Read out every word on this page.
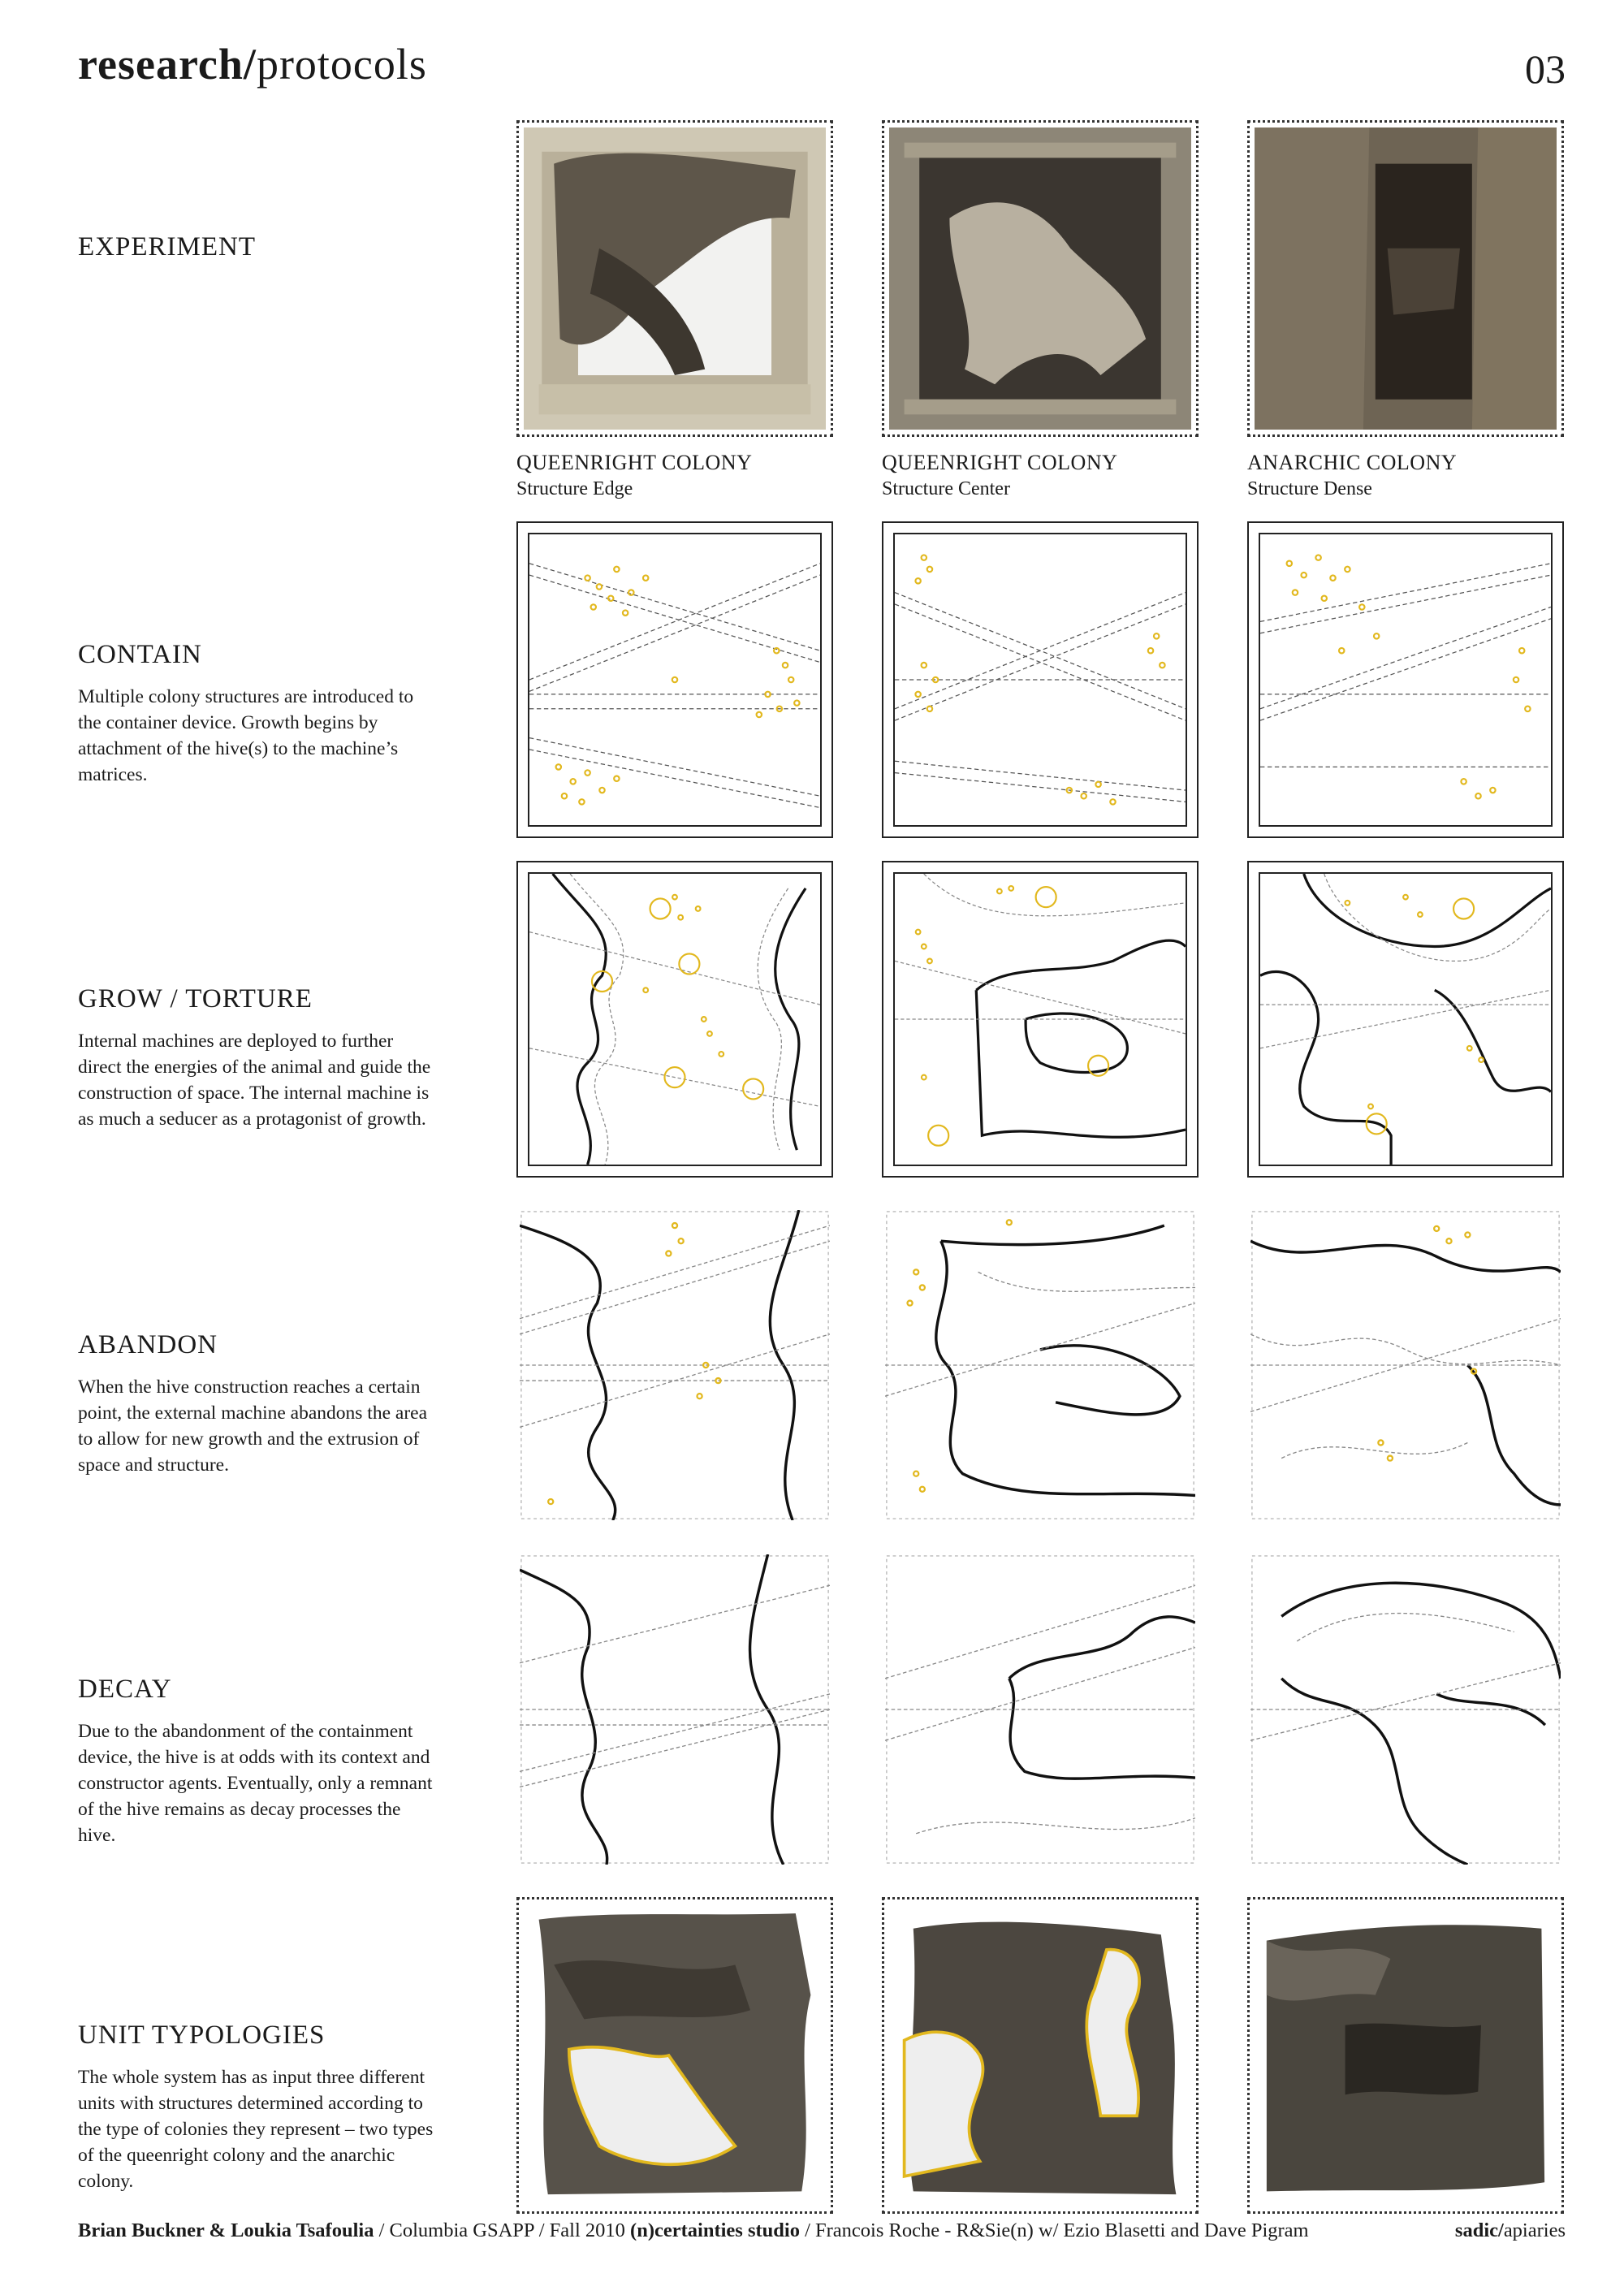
research/protocols	03
EXPERIMENT
CONTAIN
Multiple colony structures are introduced to the container device. Growth begins by attachment of the hive(s) to the machine’s matrices.
GROW / TORTURE
Internal machines are deployed to further direct the energies of the animal and guide the construction of space. The internal machine is as much a seducer as a protagonist of growth.
ABANDON
When the hive construction reaches a certain point, the external machine abandons the area to allow for new growth and the extrusion of space and structure.
DECAY
Due to the abandonment of the containment device, the hive is at odds with its context and constructor agents. Eventually, only a remnant of the hive remains as decay processes the hive.
UNIT TYPOLOGIES
The whole system has as input three different units with structures determined according to the type of colonies they represent – two types of the queenright colony and the anarchic colony.
QUEENRIGHT COLONY
Structure Edge
QUEENRIGHT COLONY
Structure Center
ANARCHIC COLONY
Structure Dense
Brian Buckner & Loukia Tsafoulia / Columbia GSAPP / Fall 2010 (n)certainties studio / Francois Roche - R&Sie(n) w/ Ezio Blasetti and Dave Pigram	sadic/apiaries
